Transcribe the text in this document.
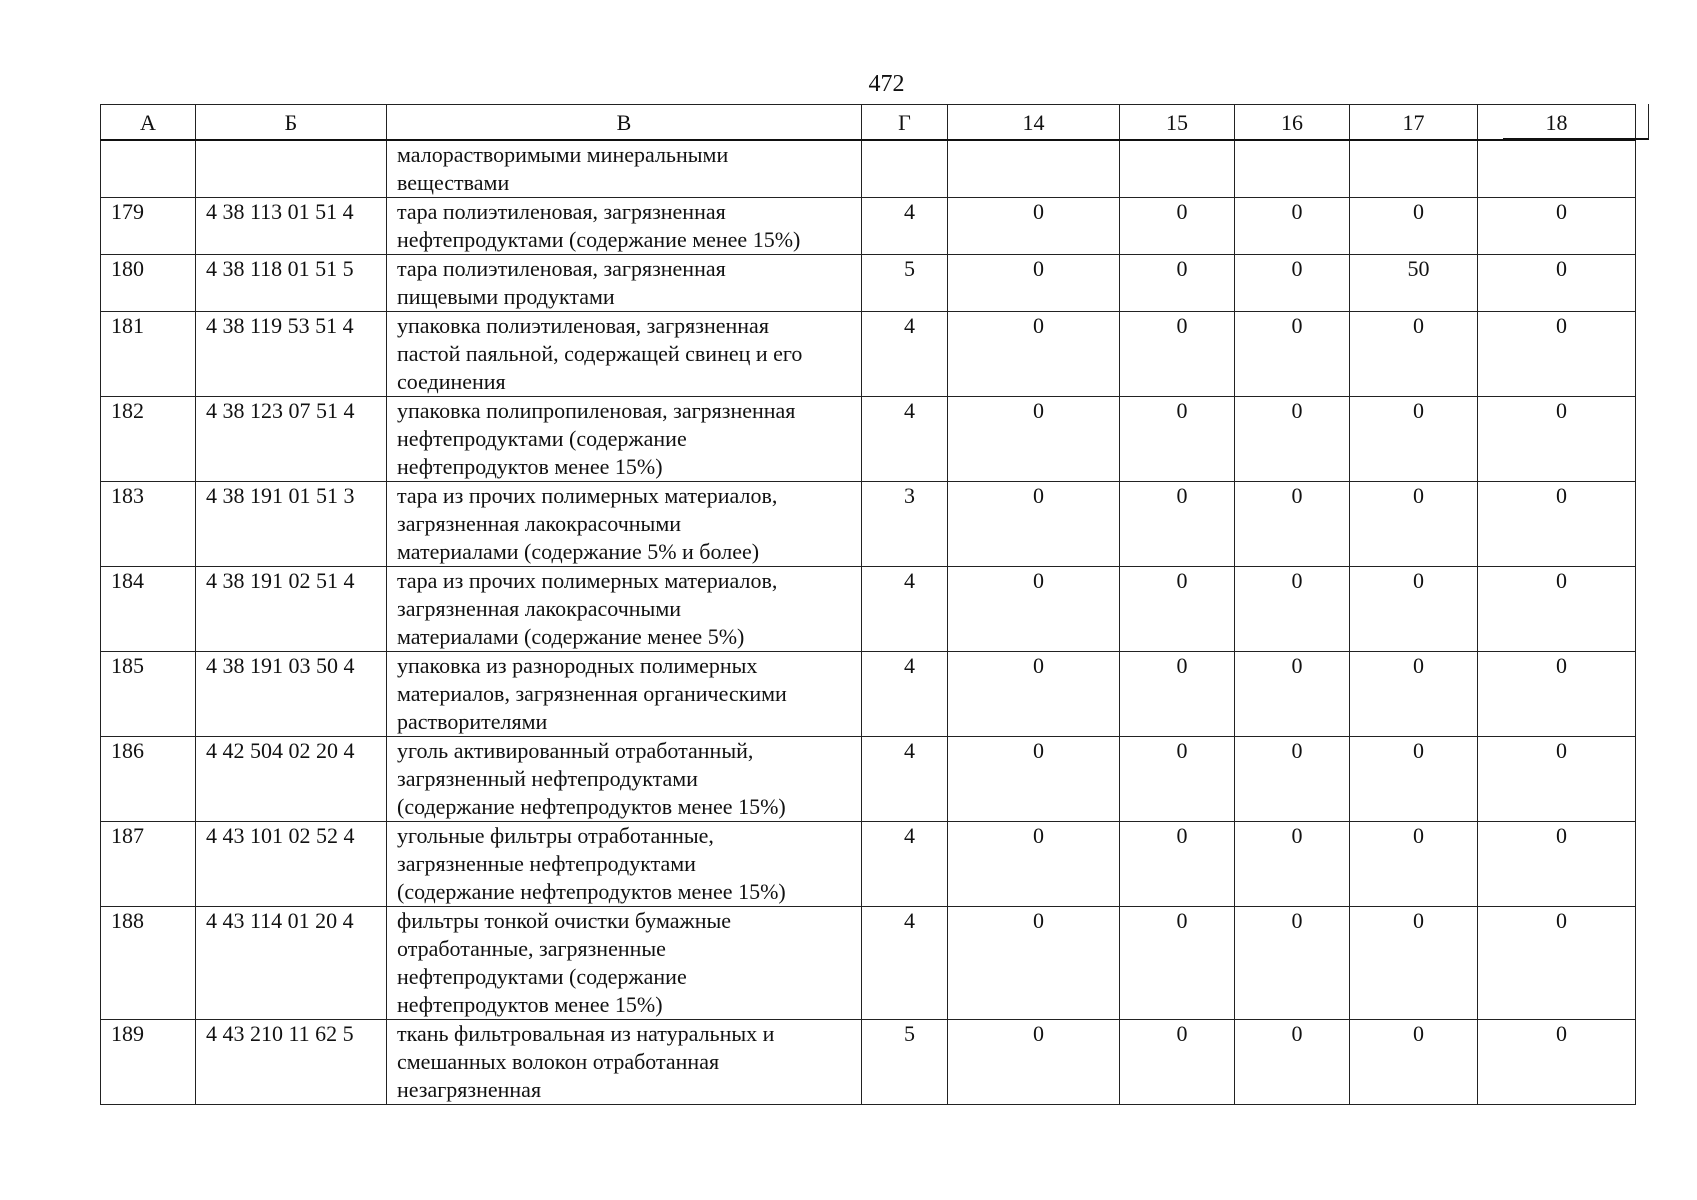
472
А	Б	В	Г	14	15	16	17	18

		малорастворимыми минеральными
веществами						

179	4 38 113 01 51 4	тара полиэтиленовая, загрязненная
нефтепродуктами (содержание менее 15%)	4	0	0	0	0	0
180	4 38 118 01 51 5	тара полиэтиленовая, загрязненная
пищевыми продуктами	5	0	0	0	50	0
181	4 38 119 53 51 4	упаковка полиэтиленовая, загрязненная
пастой паяльной, содержащей свинец и его
соединения	4	0	0	0	0	0
182	4 38 123 07 51 4	упаковка полипропиленовая, загрязненная
нефтепродуктами (содержание
нефтепродуктов менее 15%)	4	0	0	0	0	0
183	4 38 191 01 51 3	тара из прочих полимерных материалов,
загрязненная лакокрасочными
материалами (содержание 5% и более)	3	0	0	0	0	0
184	4 38 191 02 51 4	тара из прочих полимерных материалов,
загрязненная лакокрасочными
материалами (содержание менее 5%)	4	0	0	0	0	0
185	4 38 191 03 50 4	упаковка из разнородных полимерных
материалов, загрязненная органическими
растворителями	4	0	0	0	0	0
186	4 42 504 02 20 4	уголь активированный отработанный,
загрязненный нефтепродуктами
(содержание нефтепродуктов менее 15%)	4	0	0	0	0	0
187	4 43 101 02 52 4	угольные фильтры отработанные,
загрязненные нефтепродуктами
(содержание нефтепродуктов менее 15%)	4	0	0	0	0	0
188	4 43 114 01 20 4	фильтры тонкой очистки бумажные
отработанные, загрязненные
нефтепродуктами (содержание
нефтепродуктов менее 15%)	4	0	0	0	0	0
189	4 43 210 11 62 5	ткань фильтровальная из натуральных и
смешанных волокон отработанная
незагрязненная	5	0	0	0	0	0
